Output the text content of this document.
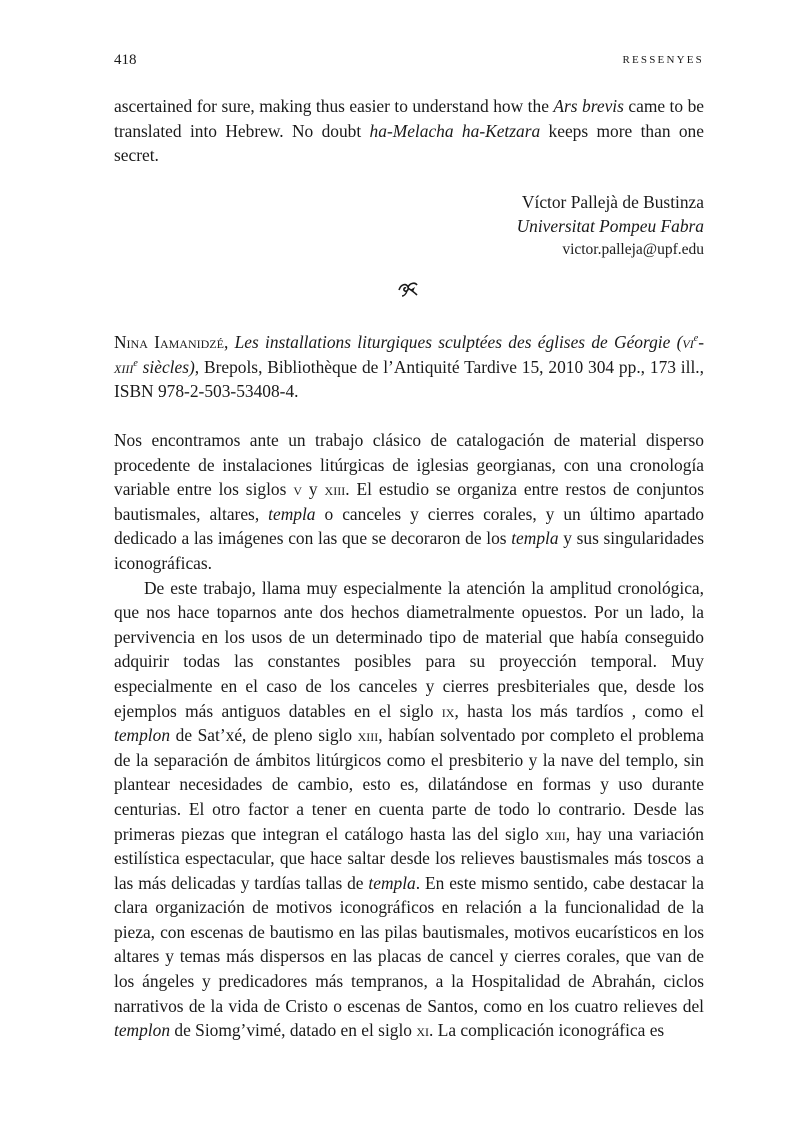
418	RESSENYES

ascertained for sure, making thus easier to understand how the Ars brevis came to be translated into Hebrew. No doubt ha-Melacha ha-Ketzara keeps more than one secret.

Víctor Pallejà de Bustinza
Universitat Pompeu Fabra
victor.palleja@upf.edu

Nina Iamanidzé, Les installations liturgiques sculptées des églises de Géorgie ($vi^e-xiii^e$ siècles), Brepols, Bibliothèque de l’Antiquité Tardive 15, 2010 304 pp., 173 ill., ISBN 978-2-503-53408-4.

Nos encontramos ante un trabajo clásico de catalogación de material disperso procedente de instalaciones litúrgicas de iglesias georgianas, con una cronología variable entre los siglos v y xiii. El estudio se organiza entre restos de conjuntos bautismales, altares, templa o canceles y cierres corales, y un último apartado dedicado a las imágenes con las que se decoraron de los templa y sus singularidades iconográficas.

De este trabajo, llama muy especialmente la atención la amplitud cronológica, que nos hace toparnos ante dos hechos diametralmente opuestos. Por un lado, la pervivencia en los usos de un determinado tipo de material que había conseguido adquirir todas las constantes posibles para su proyección temporal. Muy especialmente en el caso de los canceles y cierres presbiteriales que, desde los ejemplos más antiguos datables en el siglo ix, hasta los más tardíos , como el templon de Sat’xé, de pleno siglo xiii, habían solventado por completo el problema de la separación de ámbitos litúrgicos como el presbiterio y la nave del templo, sin plantear necesidades de cambio, esto es, dilatándose en formas y uso durante centurias. El otro factor a tener en cuenta parte de todo lo contrario. Desde las primeras piezas que integran el catálogo hasta las del siglo xiii, hay una variación estilística espectacular, que hace saltar desde los relieves baustismales más toscos a las más delicadas y tardías tallas de templa. En este mismo sentido, cabe destacar la clara organización de motivos iconográficos en relación a la funcionalidad de la pieza, con escenas de bautismo en las pilas bautismales, motivos eucarísticos en los altares y temas más dispersos en las placas de cancel y cierres corales, que van de los ángeles y predicadores más tempranos, a la Hospitalidad de Abrahán, ciclos narrativos de la vida de Cristo o escenas de Santos, como en los cuatro relieves del templon de Siomg’vimé, datado en el siglo xi. La complicación iconográfica es
